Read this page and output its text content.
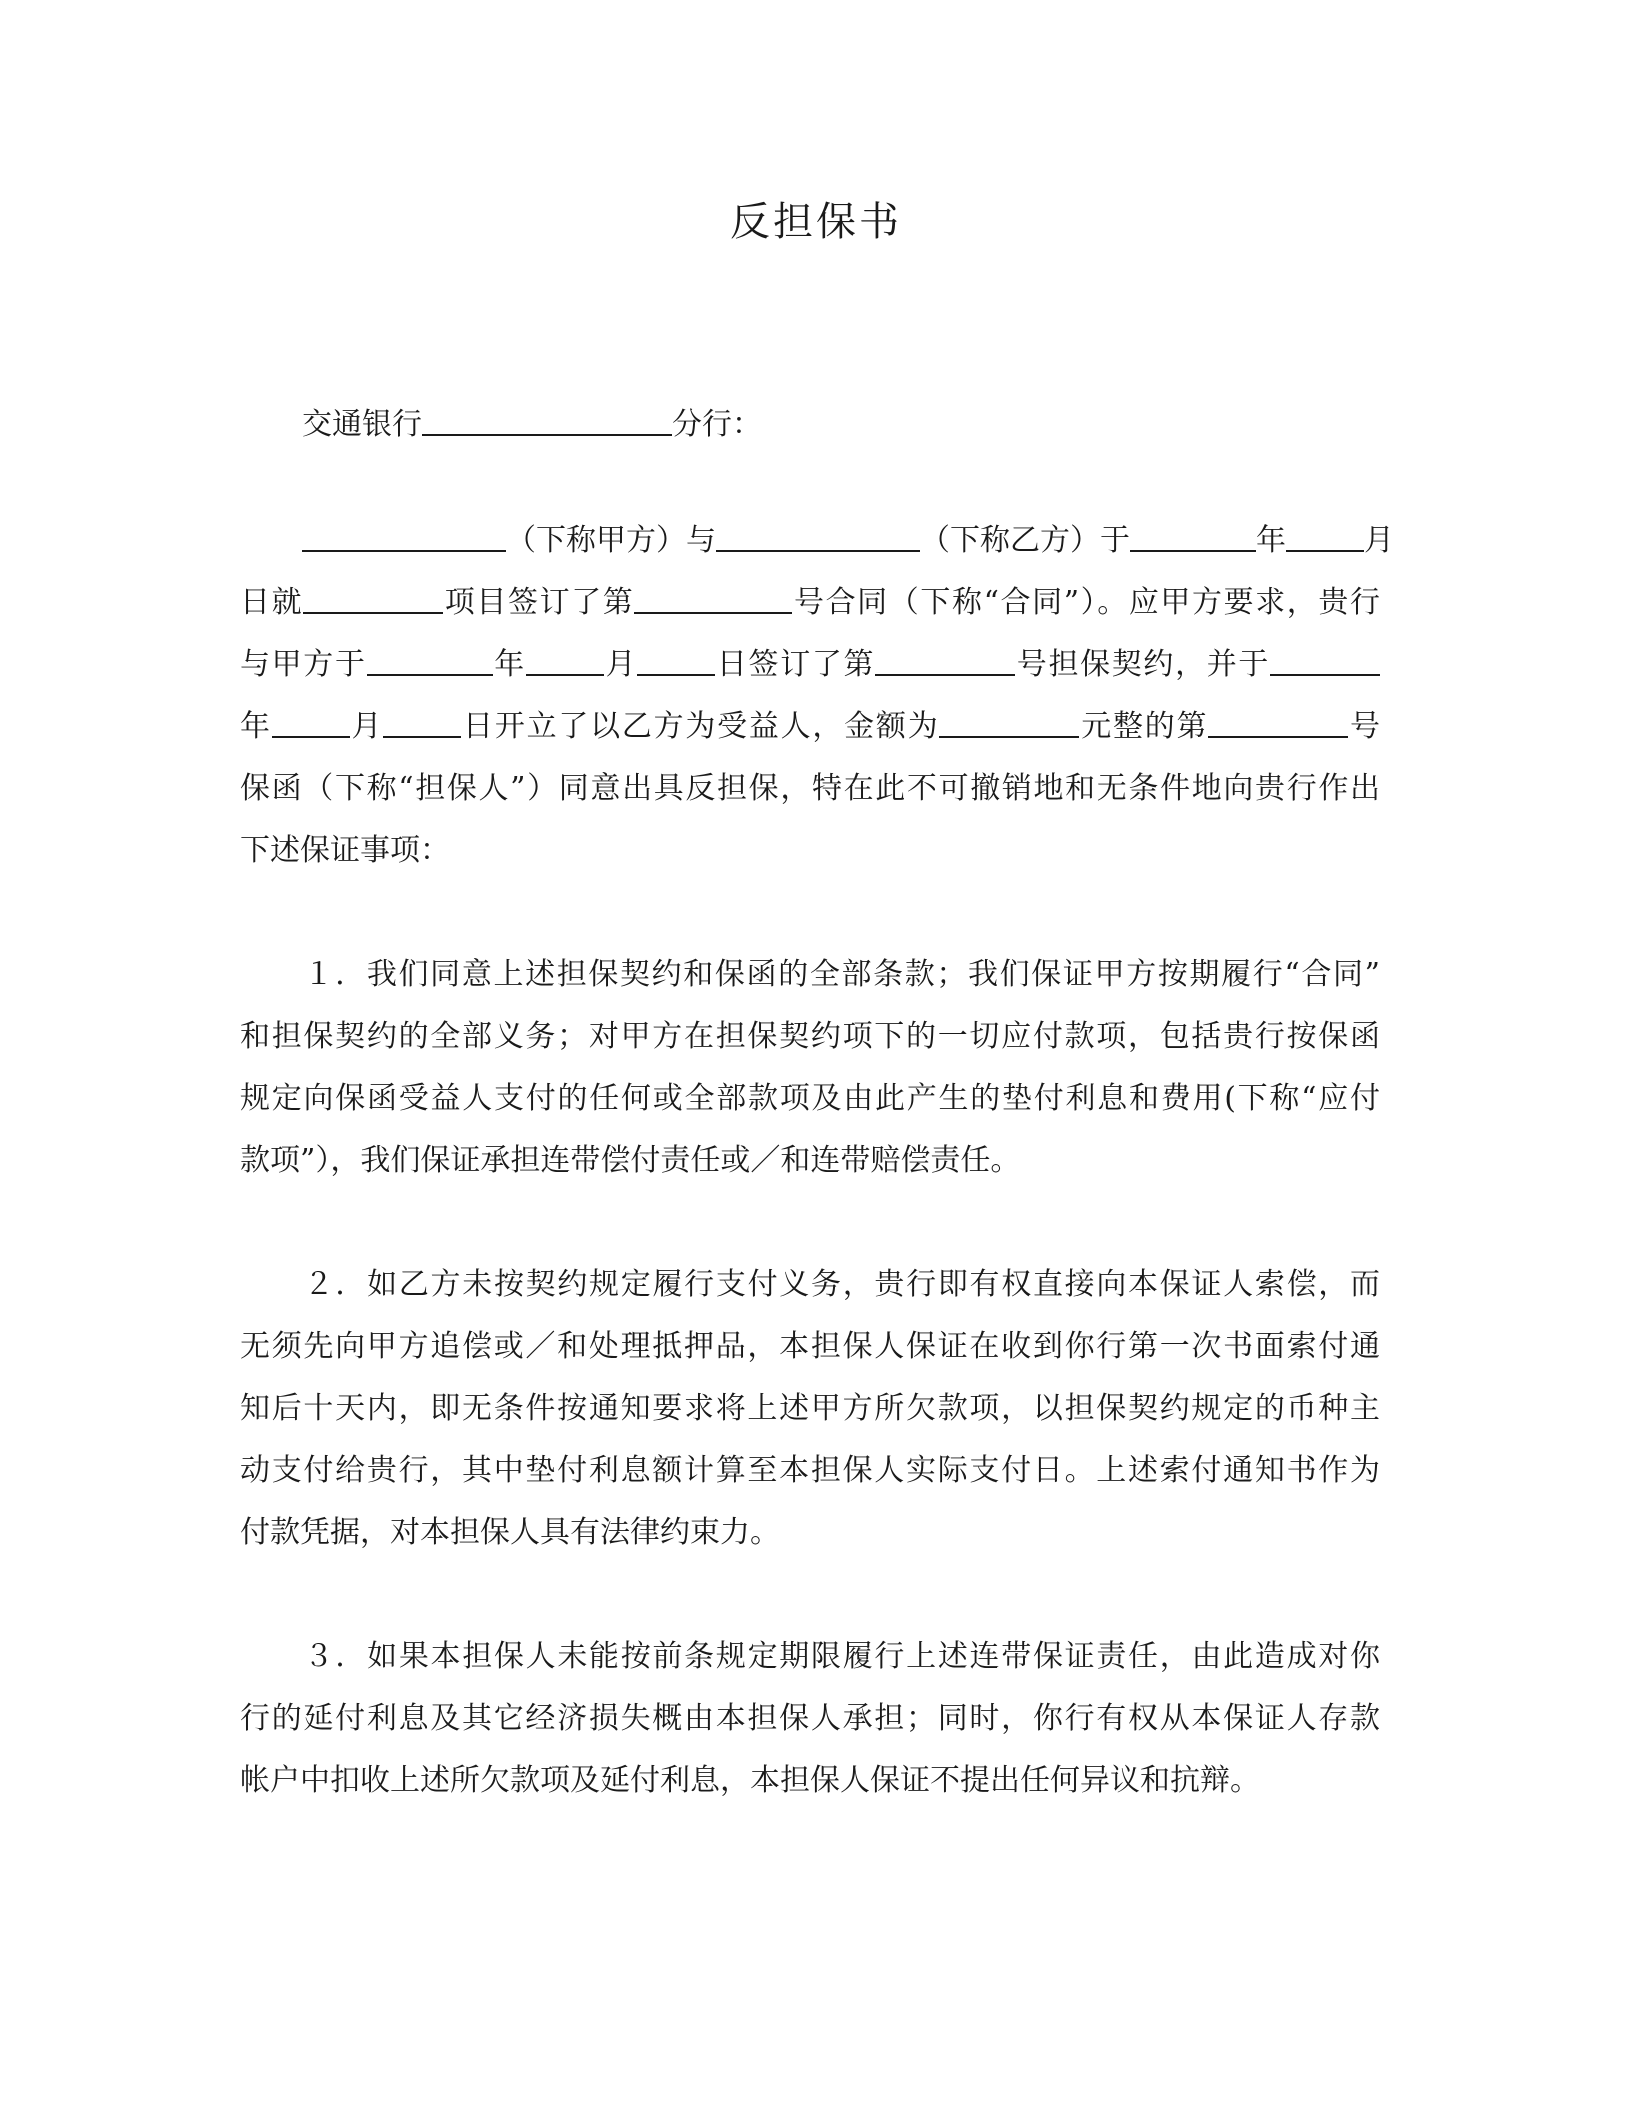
反担保书
交通银行	分行：
（下称甲方）与	（下称乙方）于	年	月
日就	项目签订了第	号合同（下称“合同”）。应甲方要求，贵行
与甲方于	年	月	日签订了第	号担保契约，并于
年	月	日开立了以乙方为受益人，金额为	元整的第	号
保函（下称“担保人”）同意出具反担保，特在此不可撤销地和无条件地向贵行作出
下述保证事项：
１．我们同意上述担保契约和保函的全部条款；我们保证甲方按期履行“合同”
和担保契约的全部义务；对甲方在担保契约项下的一切应付款项，包括贵行按保函
规定向保函受益人支付的任何或全部款项及由此产生的垫付利息和费用(下称“应付
款项”），我们保证承担连带偿付责任或／和连带赔偿责任。
２．如乙方未按契约规定履行支付义务，贵行即有权直接向本保证人索偿，而
无须先向甲方追偿或／和处理抵押品，本担保人保证在收到你行第一次书面索付通
知后十天内，即无条件按通知要求将上述甲方所欠款项，以担保契约规定的币种主
动支付给贵行，其中垫付利息额计算至本担保人实际支付日。上述索付通知书作为
付款凭据，对本担保人具有法律约束力。
３．如果本担保人未能按前条规定期限履行上述连带保证责任，由此造成对你
行的延付利息及其它经济损失概由本担保人承担；同时，你行有权从本保证人存款
帐户中扣收上述所欠款项及延付利息，本担保人保证不提出任何异议和抗辩。
